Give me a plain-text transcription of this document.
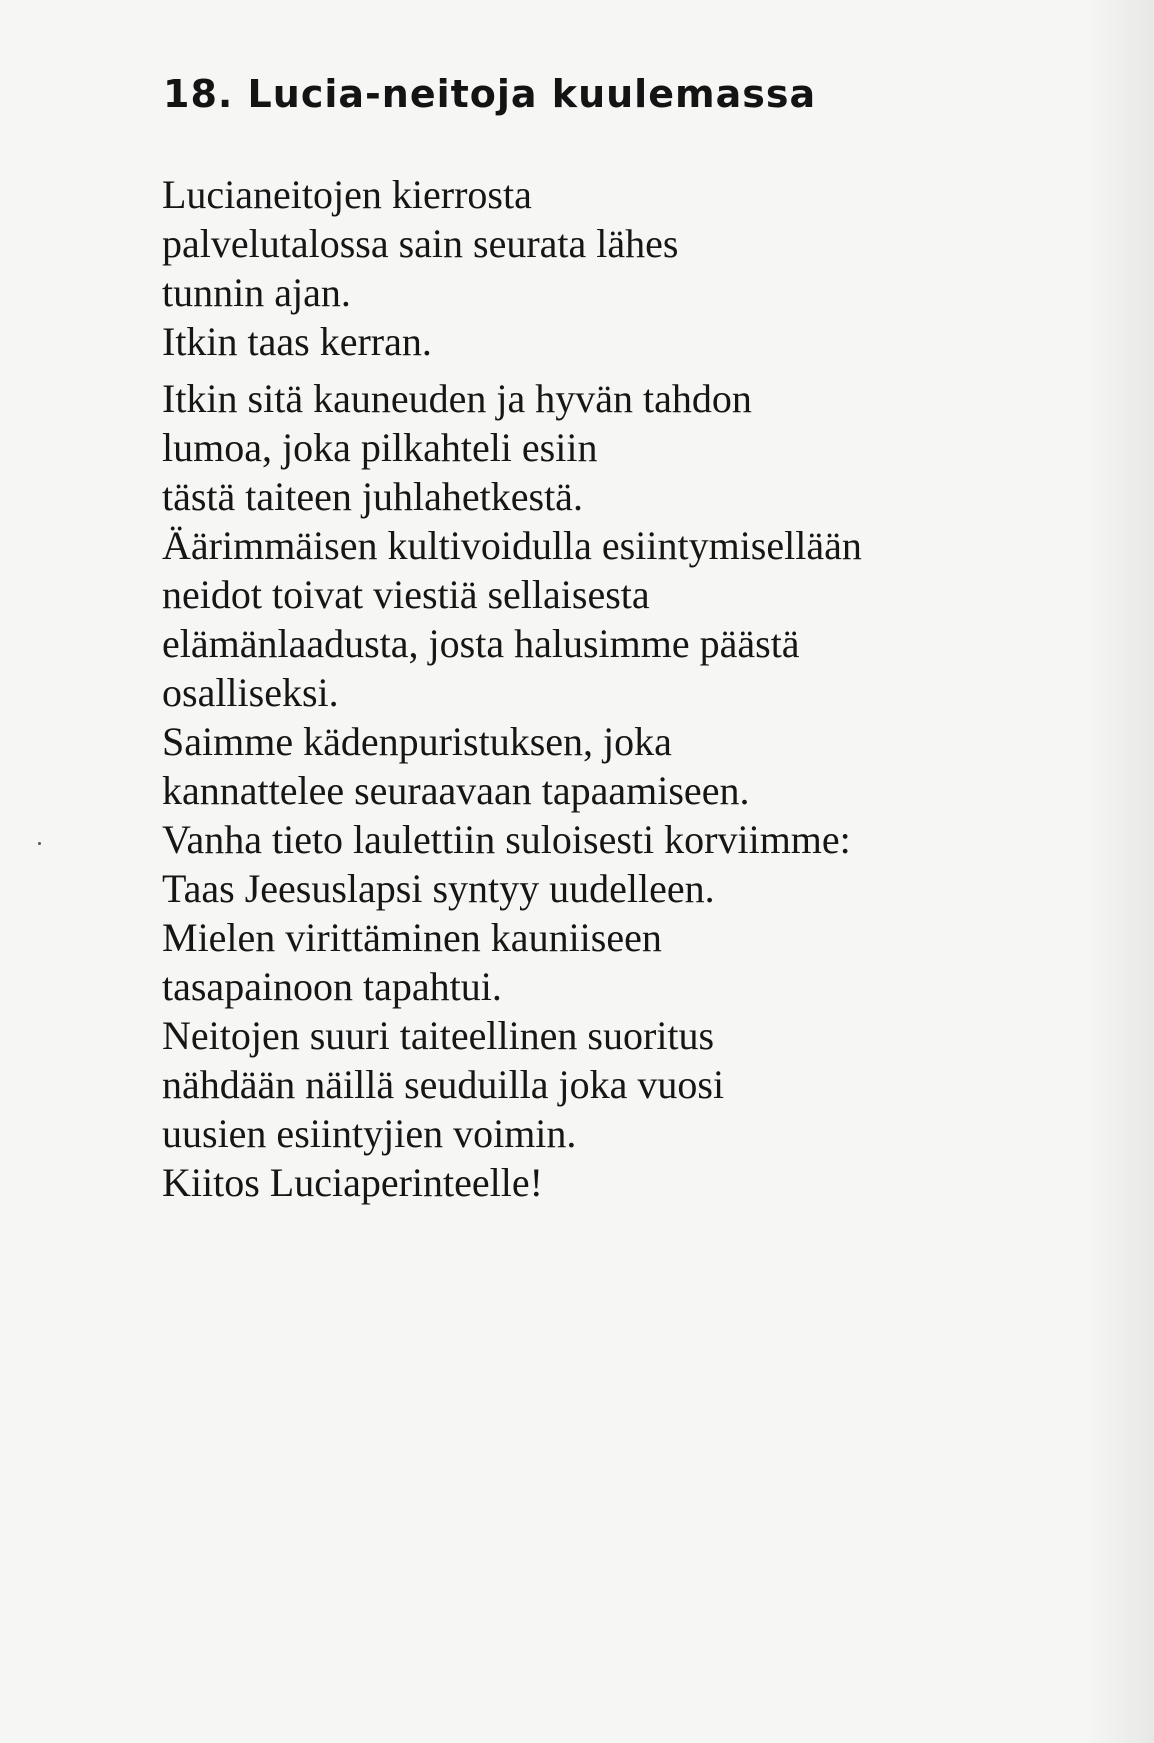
18. Lucia-neitoja kuulemassa
Lucianeitojen kierrosta
palvelutalossa sain seurata lähes
tunnin ajan.
Itkin taas kerran.
Itkin sitä kauneuden ja hyvän tahdon
lumoa, joka pilkahteli esiin
tästä taiteen juhlahetkestä.
Äärimmäisen kultivoidulla esiintymisellään
neidot toivat viestiä sellaisesta
elämänlaadusta, josta halusimme päästä
osalliseksi.
Saimme kädenpuristuksen, joka
kannattelee seuraavaan tapaamiseen.
Vanha tieto laulettiin suloisesti korviimme:
Taas Jeesuslapsi syntyy uudelleen.
Mielen virittäminen kauniiseen
tasapainoon tapahtui.
Neitojen suuri taiteellinen suoritus
nähdään näillä seuduilla joka vuosi
uusien esiintyjien voimin.
Kiitos Luciaperinteelle!
